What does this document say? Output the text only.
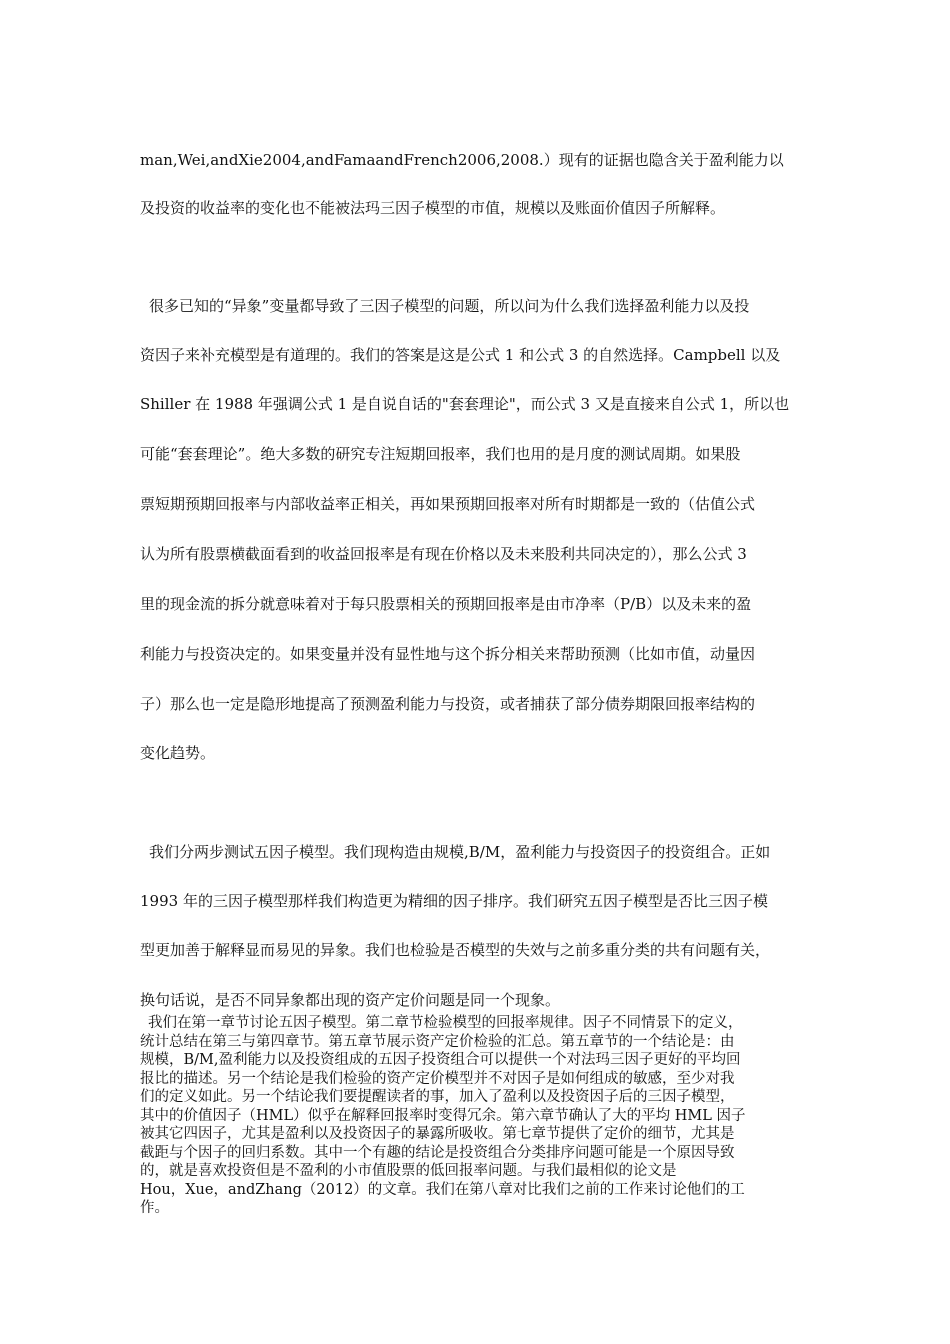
man,Wei,andXie2004,andFamaandFrench2006,2008.）现有的证据也隐含关于盈利能力以
及投资的收益率的变化也不能被法玛三因子模型的市值，规模以及账面价值因子所解释。
很多已知的“异象”变量都导致了三因子模型的问题，所以问为什么我们选择盈利能力以及投
资因子来补充模型是有道理的。我们的答案是这是公式 1 和公式 3 的自然选择。Campbell 以及
Shiller 在 1988 年强调公式 1 是自说自话的"套套理论"，而公式 3 又是直接来自公式 1，所以也
可能“套套理论”。绝大多数的研究专注短期回报率，我们也用的是月度的测试周期。如果股
票短期预期回报率与内部收益率正相关，再如果预期回报率对所有时期都是一致的（估值公式
认为所有股票横截面看到的收益回报率是有现在价格以及未来股利共同决定的），那么公式 3
里的现金流的拆分就意味着对于每只股票相关的预期回报率是由市净率（P/B）以及未来的盈
利能力与投资决定的。如果变量并没有显性地与这个拆分相关来帮助预测（比如市值，动量因
子）那么也一定是隐形地提高了预测盈利能力与投资，或者捕获了部分债券期限回报率结构的
变化趋势。
我们分两步测试五因子模型。我们现构造由规模,B/M，盈利能力与投资因子的投资组合。正如
1993 年的三因子模型那样我们构造更为精细的因子排序。我们研究五因子模型是否比三因子模
型更加善于解释显而易见的异象。我们也检验是否模型的失效与之前多重分类的共有问题有关，
换句话说，是否不同异象都出现的资产定价问题是同一个现象。
我们在第一章节讨论五因子模型。第二章节检验模型的回报率规律。因子不同情景下的定义，
统计总结在第三与第四章节。第五章节展示资产定价检验的汇总。第五章节的一个结论是：由
规模，B/M,盈利能力以及投资组成的五因子投资组合可以提供一个对法玛三因子更好的平均回
报比的描述。另一个结论是我们检验的资产定价模型并不对因子是如何组成的敏感，至少对我
们的定义如此。另一个结论我们要提醒读者的事，加入了盈利以及投资因子后的三因子模型，
其中的价值因子（HML）似乎在解释回报率时变得冗余。第六章节确认了大的平均 HML 因子
被其它四因子，尤其是盈利以及投资因子的暴露所吸收。第七章节提供了定价的细节，尤其是
截距与个因子的回归系数。其中一个有趣的结论是投资组合分类排序问题可能是一个原因导致
的，就是喜欢投资但是不盈利的小市值股票的低回报率问题。与我们最相似的论文是
Hou，Xue，andZhang（2012）的文章。我们在第八章对比我们之前的工作来讨论他们的工
作。
